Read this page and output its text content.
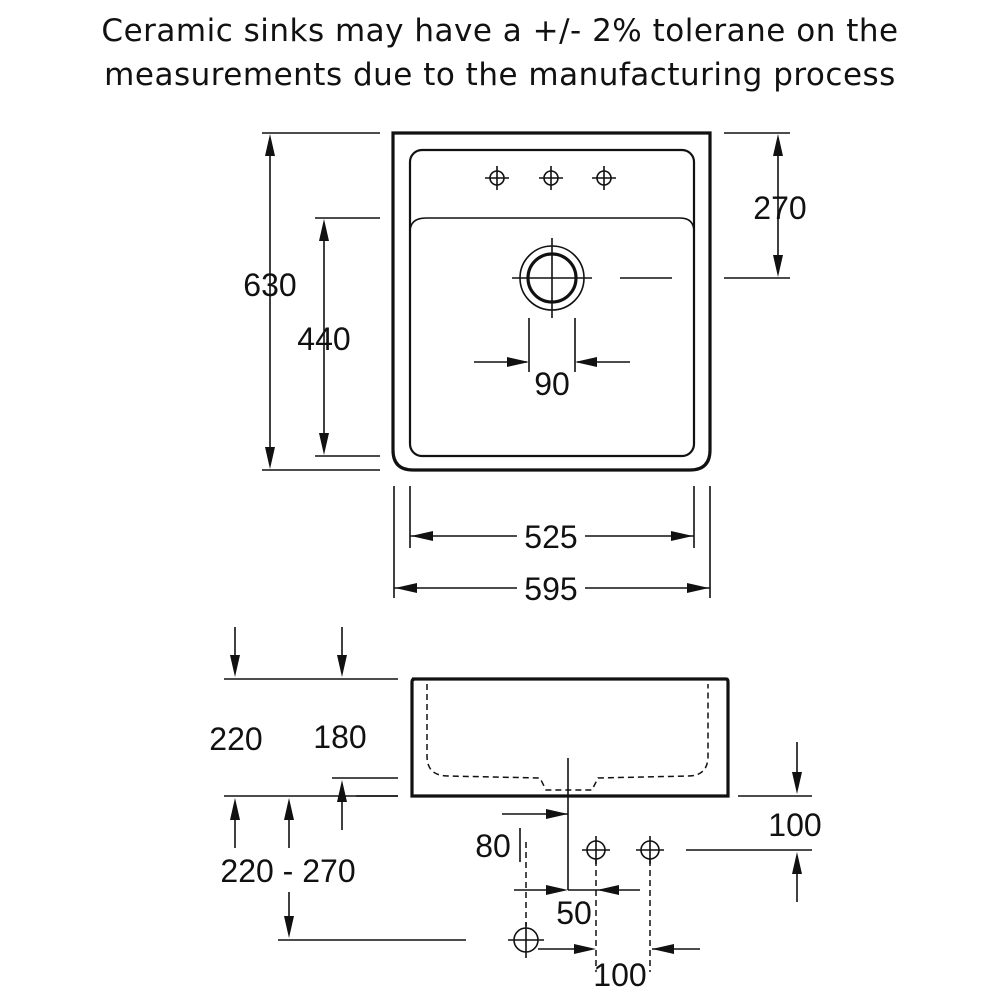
Ceramic sinks may have a +/- 2% tolerane on the
measurements due to the manufacturing process
630
440
270
90
525
595
220 180
220 - 270
100
80
50
100
